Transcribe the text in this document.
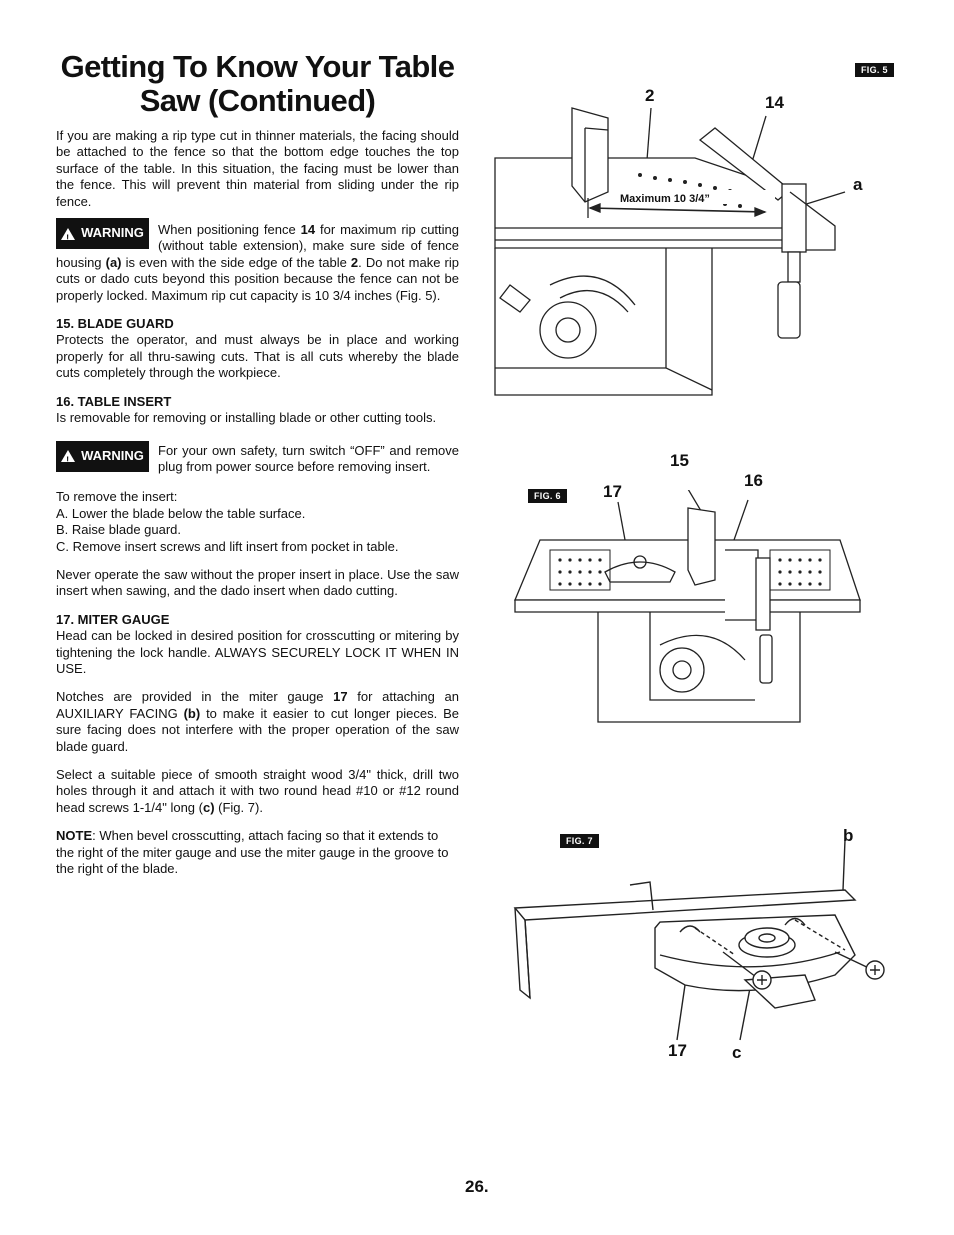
Getting To Know Your Table Saw (Continued)

If you are making a rip type cut in thinner materials, the facing should be attached to the fence so that the bottom edge touches the top surface of the table. In this situation, the facing must be lower than the fence. This will prevent thin material from sliding under the rip fence.

! WARNING When positioning fence 14 for maximum rip cutting (without table extension), make sure side of fence housing (a) is even with the side edge of the table 2. Do not make rip cuts or dado cuts beyond this position because the fence can not be properly locked. Maximum rip cut capacity is 10 3/4 inches (Fig. 5).

15. BLADE GUARD

Protects the operator, and must always be in place and working properly for all thru-sawing cuts. That is all cuts whereby the blade cuts completely through the workpiece.

16. TABLE INSERT

Is removable for removing or installing blade or other cutting tools.

! WARNING For your own safety, turn switch “OFF” and remove plug from power source before removing insert.

To remove the insert:
A. Lower the blade below the table surface.
B. Raise blade guard.
C. Remove insert screws and lift insert from pocket in table.

Never operate the saw without the proper insert in place. Use the saw insert when sawing, and the dado insert when dado cutting.

17. MITER GAUGE

Head can be locked in desired position for crosscutting or mitering by tightening the lock handle. ALWAYS SECURELY LOCK IT WHEN IN USE.

Notches are provided in the miter gauge 17 for attaching an AUXILIARY FACING (b) to make it easier to cut longer pieces. Be sure facing does not interfere with the proper operation of the saw blade guard.

Select a suitable piece of smooth straight wood 3/4" thick, drill two holes through it and attach it with two round head #10 or #12 round head screws 1-1/4" long (c) (Fig. 7).

NOTE: When bevel crosscutting, attach facing so that it extends to the right of the miter gauge and use the miter gauge in the groove to the right of the blade.

FIG. 5
2	14
a
Maximum 10 3/4”
FIG. 6
15
16
17
FIG. 7	b
17	c
26.
